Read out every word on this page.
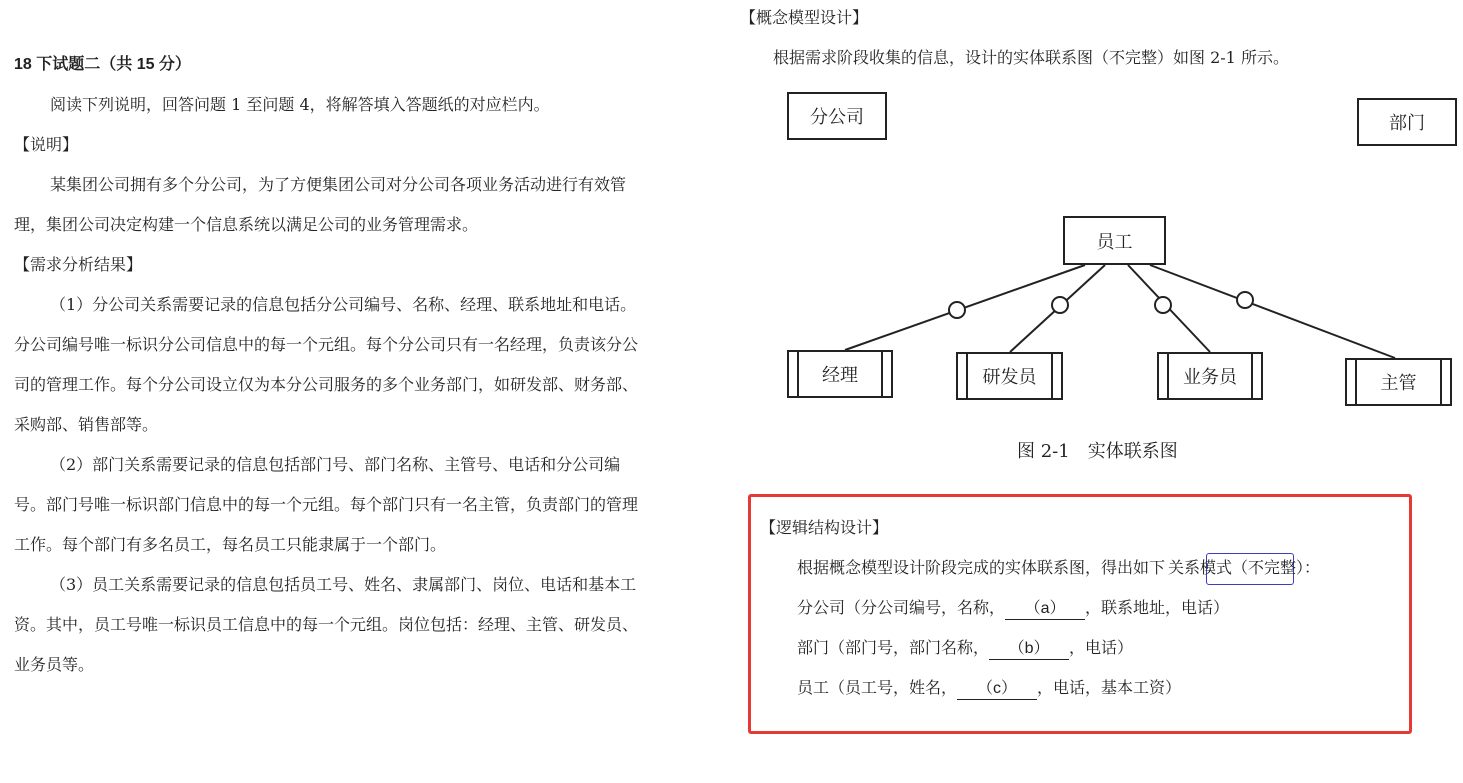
18 下试题二（共 15 分）
阅读下列说明，回答问题 1 至问题 4，将解答填入答题纸的对应栏内。
【说明】
某集团公司拥有多个分公司，为了方便集团公司对分公司各项业务活动进行有效管
理，集团公司决定构建一个信息系统以满足公司的业务管理需求。
【需求分析结果】
（1）分公司关系需要记录的信息包括分公司编号、名称、经理、联系地址和电话。
分公司编号唯一标识分公司信息中的每一个元组。每个分公司只有一名经理，负责该分公
司的管理工作。每个分公司设立仅为本分公司服务的多个业务部门，如研发部、财务部、
采购部、销售部等。
（2）部门关系需要记录的信息包括部门号、部门名称、主管号、电话和分公司编
号。部门号唯一标识部门信息中的每一个元组。每个部门只有一名主管，负责部门的管理
工作。每个部门有多名员工，每名员工只能隶属于一个部门。
（3）员工关系需要记录的信息包括员工号、姓名、隶属部门、岗位、电话和基本工
资。其中，员工号唯一标识员工信息中的每一个元组。岗位包括：经理、主管、研发员、
业务员等。
【概念模型设计】
根据需求阶段收集的信息，设计的实体联系图（不完整）如图 2-1 所示。
分公司	部门
员工
经理	研发员	业务员	主管
图 2-1　实体联系图
【逻辑结构设计】
根据概念模型设计阶段完成的实体联系图，得出如下 关系模式（不完整）：
分公司（分公司编号，名称， （a） ，联系地址，电话）
部门（部门号，部门名称， （b） ，电话）
员工（员工号，姓名， （c） ，电话，基本工资）
